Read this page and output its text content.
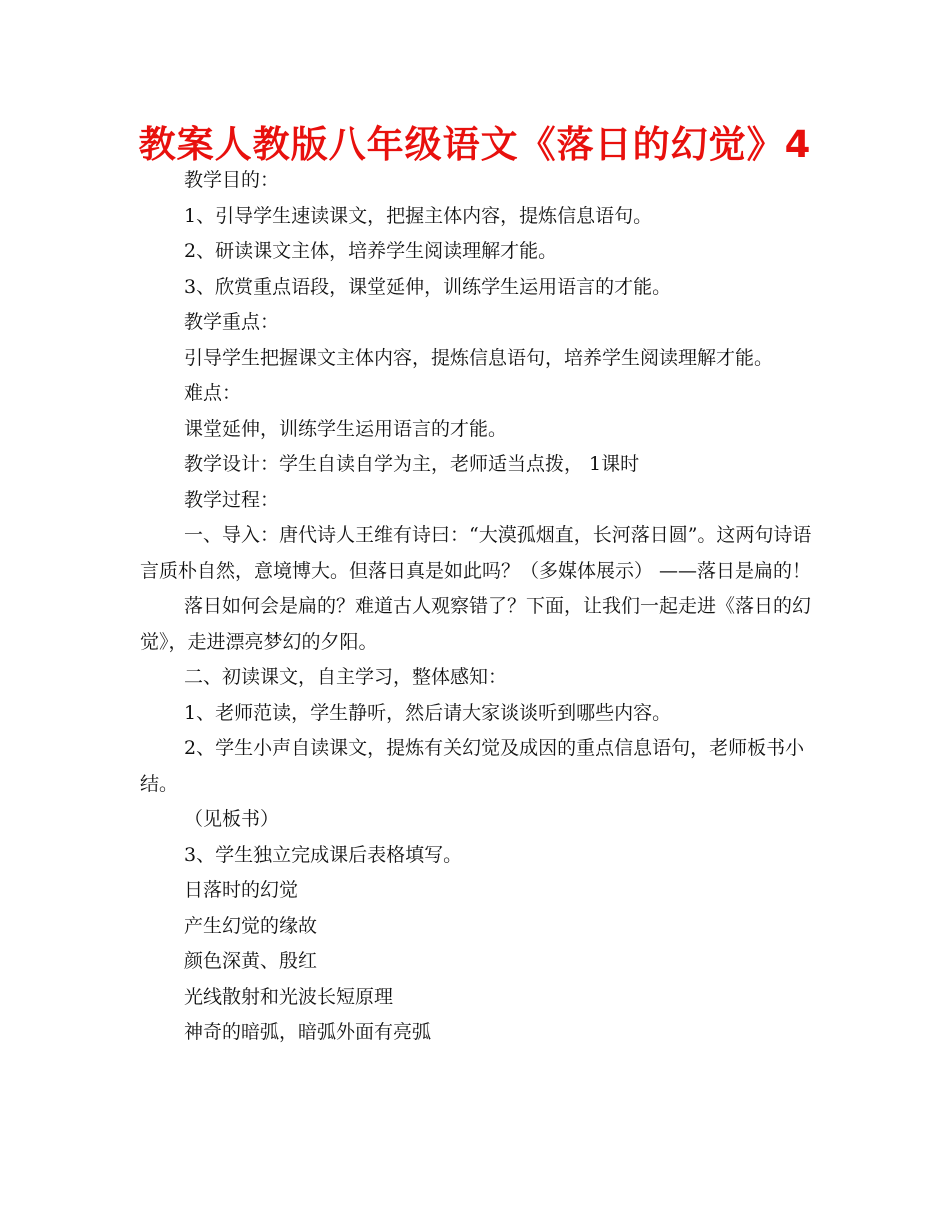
教案人教版八年级语文《落日的幻觉》4

教学目的：

1、引导学生速读课文，把握主体内容，提炼信息语句。

2、研读课文主体，培养学生阅读理解才能。

3、欣赏重点语段，课堂延伸，训练学生运用语言的才能。

教学重点：

引导学生把握课文主体内容，提炼信息语句，培养学生阅读理解才能。

难点：

课堂延伸，训练学生运用语言的才能。

教学设计：学生自读自学为主，老师适当点拨， 1课时

教学过程：

一、导入：唐代诗人王维有诗曰：“大漠孤烟直，长河落日圆”。这两句诗语言质朴自然，意境博大。但落日真是如此吗？（多媒体展示） ——落日是扁的！

落日如何会是扁的？难道古人观察错了？下面，让我们一起走进《落日的幻觉》，走进漂亮梦幻的夕阳。

二、初读课文，自主学习，整体感知：

1、老师范读，学生静听，然后请大家谈谈听到哪些内容。

2、学生小声自读课文，提炼有关幻觉及成因的重点信息语句，老师板书小结。

（见板书）

3、学生独立完成课后表格填写。

日落时的幻觉

产生幻觉的缘故

颜色深黄、殷红

光线散射和光波长短原理

神奇的暗弧，暗弧外面有亮弧
